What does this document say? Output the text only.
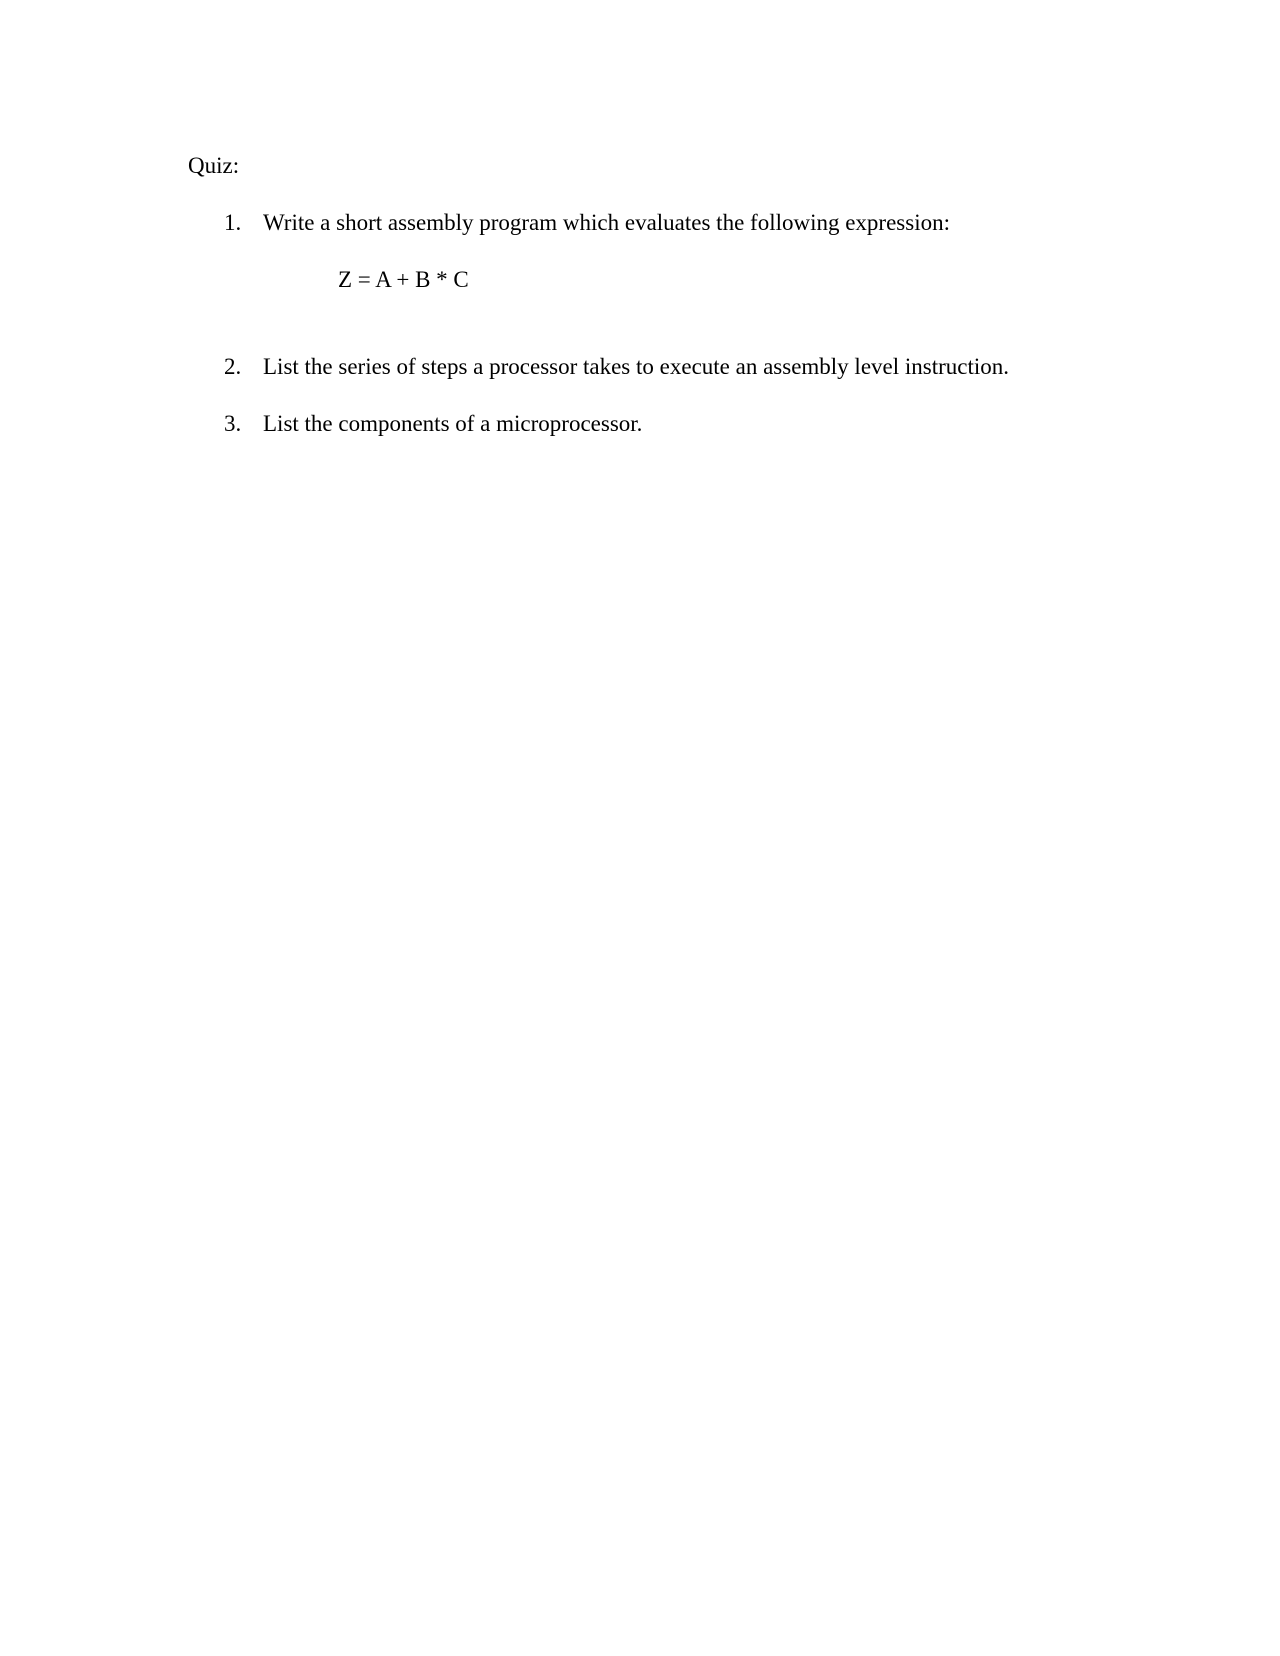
Quiz:
1. Write a short assembly program which evaluates the following expression:
Z = A + B * C
2. List the series of steps a processor takes to execute an assembly level instruction.
3. List the components of a microprocessor.
